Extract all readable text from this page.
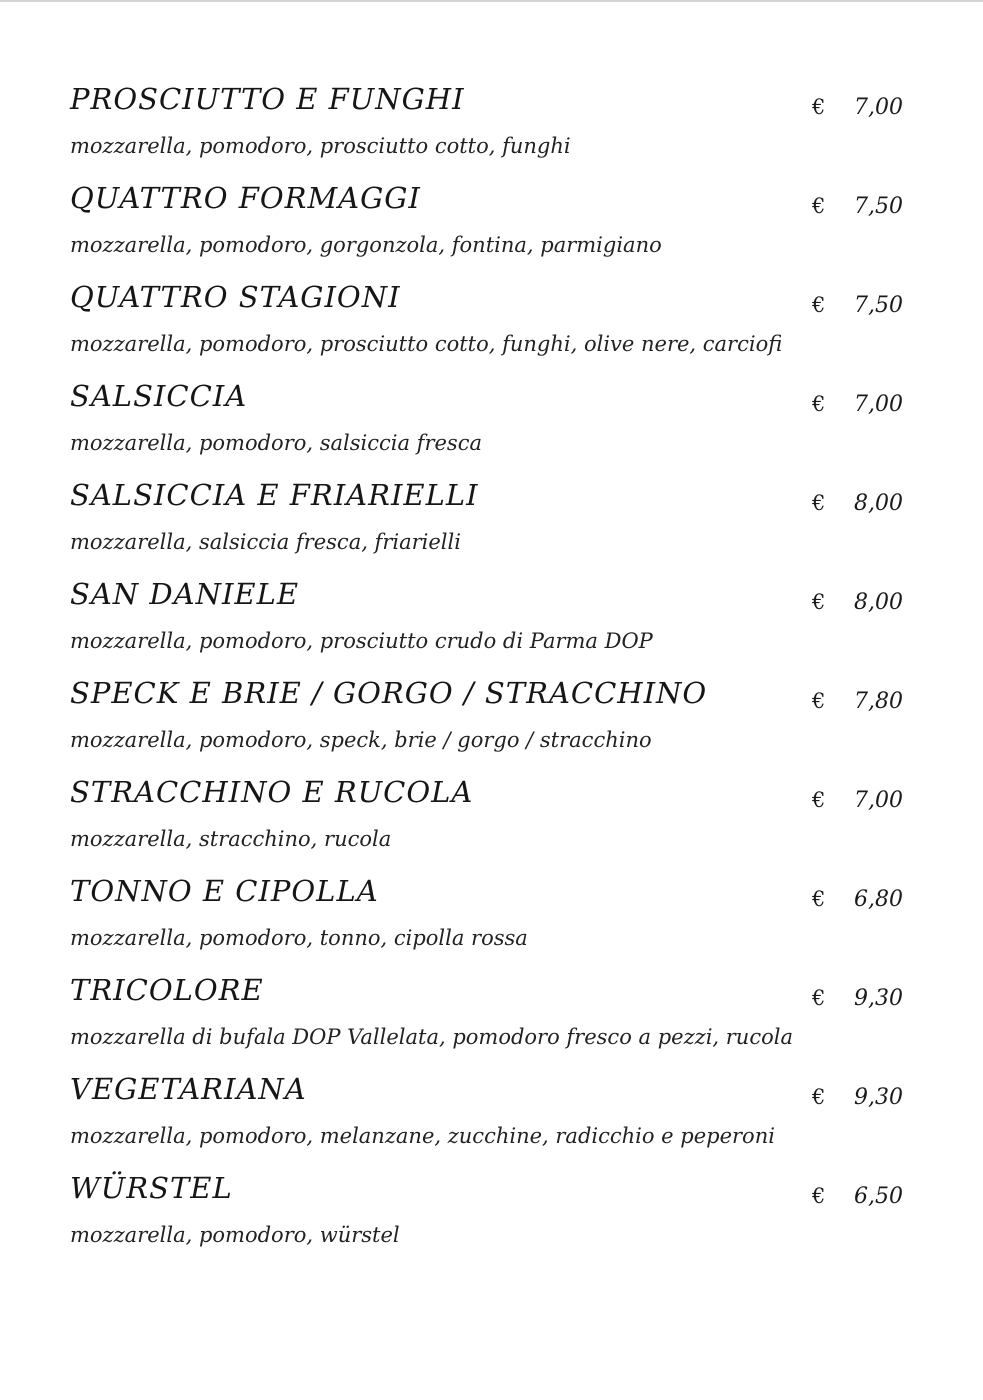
PROSCIUTTO E FUNGHI	€ 7,00
mozzarella, pomodoro, prosciutto cotto, funghi
QUATTRO FORMAGGI	€ 7,50
mozzarella, pomodoro, gorgonzola, fontina, parmigiano
QUATTRO STAGIONI	€ 7,50
mozzarella, pomodoro, prosciutto cotto, funghi, olive nere, carciofi
SALSICCIA	€ 7,00
mozzarella, pomodoro, salsiccia fresca
SALSICCIA E FRIARIELLI	€ 8,00
mozzarella, salsiccia fresca, friarielli
SAN DANIELE	€ 8,00
mozzarella, pomodoro, prosciutto crudo di Parma DOP
SPECK E BRIE / GORGO / STRACCHINO	€ 7,80
mozzarella, pomodoro, speck, brie / gorgo / stracchino
STRACCHINO E RUCOLA	€ 7,00
mozzarella, stracchino, rucola
TONNO E CIPOLLA	€ 6,80
mozzarella, pomodoro, tonno, cipolla rossa
TRICOLORE	€ 9,30
mozzarella di bufala DOP Vallelata, pomodoro fresco a pezzi, rucola
VEGETARIANA	€ 9,30
mozzarella, pomodoro, melanzane, zucchine, radicchio e peperoni
WÜRSTEL	€ 6,50
mozzarella, pomodoro, würstel
